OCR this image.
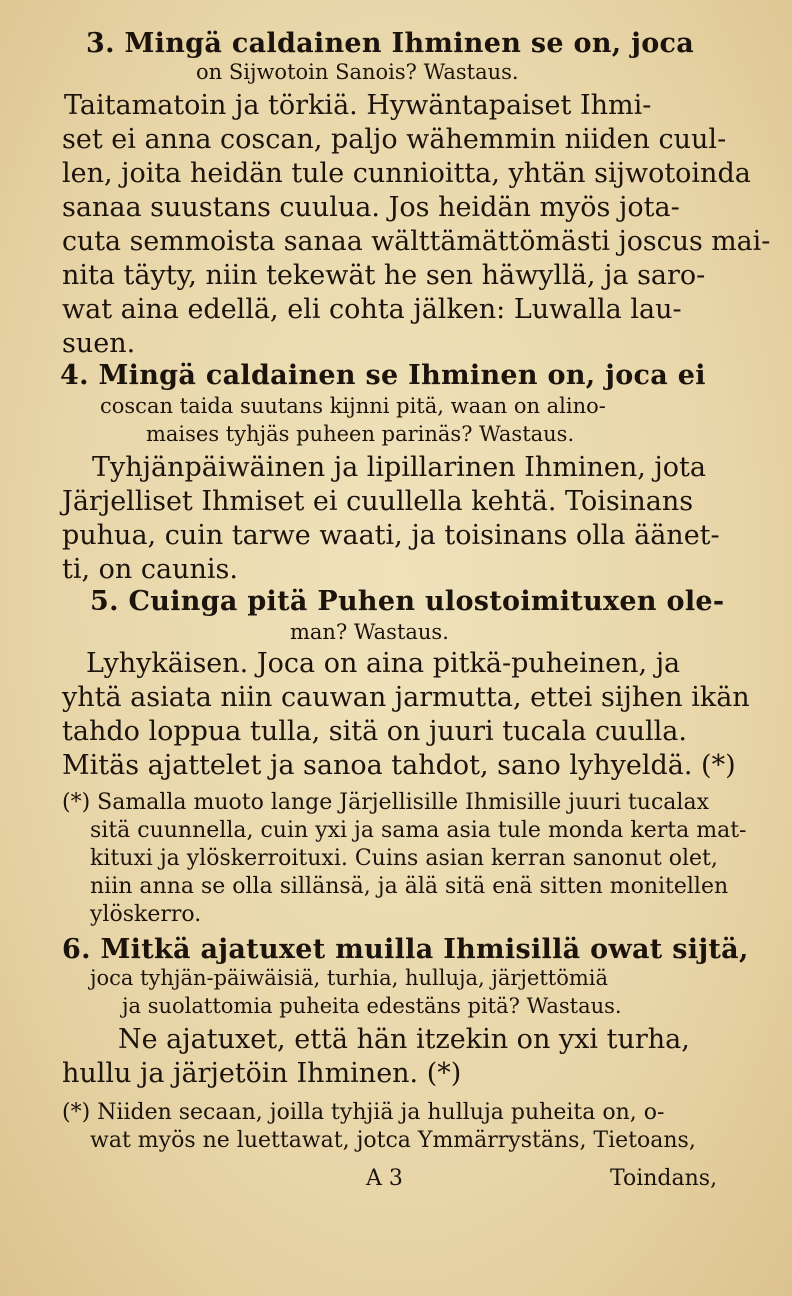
3. Mingä caldainen Ihminen se on, joca
on Sijwotoin Sanois? Wastaus.
Taitamatoin ja törkiä. Hywäntapaiset Ihmi-
set ei anna coscan, paljo wähemmin niiden cuul-
len, joita heidän tule cunnioitta, yhtän sijwotoinda
sanaa suustans cuulua. Jos heidän myös jota-
cuta semmoista sanaa wälttämättömästi joscus mai-
nita täyty, niin tekewät he sen häwyllä, ja saro-
wat aina edellä, eli cohta jälken: Luwalla lau-
suen.
4. Mingä caldainen se Ihminen on, joca ei
coscan taida suutans kijnni pitä, waan on alino-
maises tyhjäs puheen parinäs? Wastaus.
Tyhjänpäiwäinen ja lipillarinen Ihminen, jota
Järjelliset Ihmiset ei cuullella kehtä. Toisinans
puhua, cuin tarwe waati, ja toisinans olla äänet-
ti, on caunis.
5. Cuinga pitä Puhen ulostoimituxen ole-
man? Wastaus.
Lyhykäisen. Joca on aina pitkä-puheinen, ja
yhtä asiata niin cauwan jarmutta, ettei sijhen ikän
tahdo loppua tulla, sitä on juuri tucala cuulla.
Mitäs ajattelet ja sanoa tahdot, sano lyhyeldä. (*)
(*) Samalla muoto lange Järjellisille Ihmisille juuri tucalax
sitä cuunnella, cuin yxi ja sama asia tule monda kerta mat-
kituxi ja ylöskerroituxi. Cuins asian kerran sanonut olet,
niin anna se olla sillänsä, ja älä sitä enä sitten monitellen
ylöskerro.
6. Mitkä ajatuxet muilla Ihmisillä owat sijtä,
joca tyhjän-päiwäisiä, turhia, hulluja, järjettömiä
ja suolattomia puheita edestäns pitä? Wastaus.
Ne ajatuxet, että hän itzekin on yxi turha,
hullu ja järjetöin Ihminen. (*)
(*) Niiden secaan, joilla tyhjiä ja hulluja puheita on, o-
wat myös ne luettawat, jotca Ymmärrystäns, Tietoans,
A 3	Toindans,
